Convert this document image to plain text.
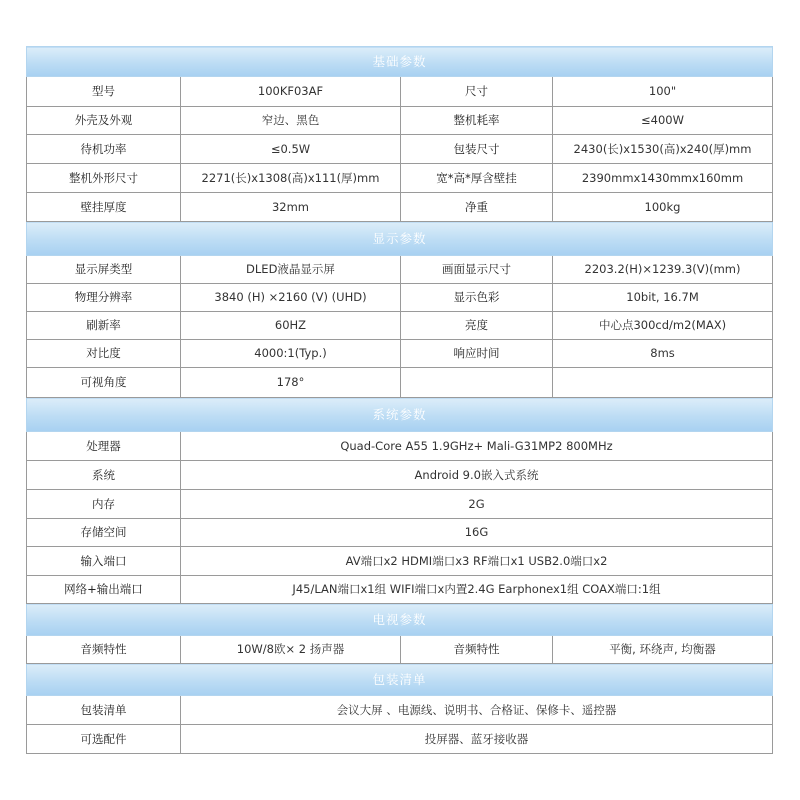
基础参数			
型号	100KF03AF	尺寸	100"
外壳及外观	窄边、黑色	整机耗率	≤400W
待机功率	≤0.5W	包装尺寸	2430(长)x1530(高)x240(厚)mm
整机外形尺寸	2271(长)x1308(高)x111(厚)mm	宽*高*厚含壁挂	2390mmx1430mmx160mm
壁挂厚度	32mm	净重	100kg
显示参数			
显示屏类型	DLED液晶显示屏	画面显示尺寸	2203.2(H)×1239.3(V)(mm)
物理分辨率	3840 (H) ×2160 (V) (UHD)	显示色彩	10bit, 16.7M
刷新率	60HZ	亮度	中心点300cd/m2(MAX)
对比度	4000:1(Typ.)	响应时间	8ms
可视角度	178°		
系统参数			
处理器	Quad-Core A55 1.9GHz+ Mali-G31MP2 800MHz		
系统	Android 9.0嵌入式系统		
内存	2G		
存储空间	16G		
输入端口	AV端口x2 HDMI端口x3 RF端口x1 USB2.0端口x2		
网络+输出端口	J45/LAN端口x1组 WIFI端口x内置2.4G Earphonex1组 COAX端口:1组		
电视参数			
音频特性	10W/8欧× 2 扬声器	音频特性	平衡, 环绕声, 均衡器
包装清单			
包装清单	会议大屏 、电源线、说明书、合格证、保修卡、遥控器		
可选配件	投屏器、蓝牙接收器		
